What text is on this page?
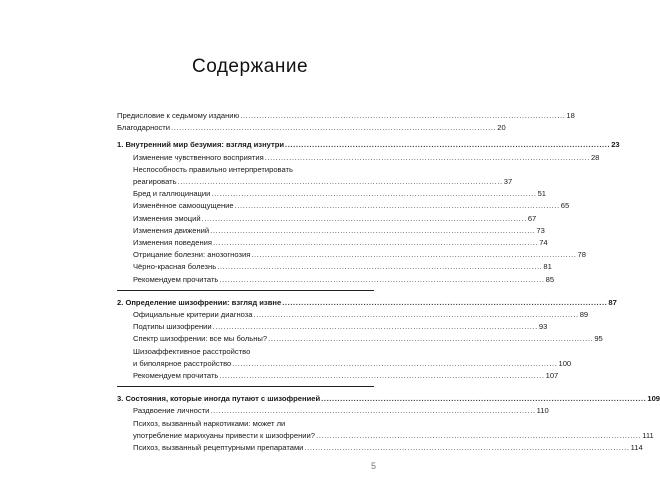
Содержание
Предисловие к седьмому изданию ........................................................................................................................ 18
Благодарности ........................................................................................................................ 20
1. Внутренний мир безумия: взгляд изнутри ........................................................................................................................ 23
Изменение чувственного восприятия ........................................................................................................................ 28
Неспособность правильно интерпретировать
реагировать ........................................................................................................................ 37
Бред и галлюцинации ........................................................................................................................ 51
Изменённое самоощущение ........................................................................................................................ 65
Изменения эмоций ........................................................................................................................ 67
Изменения движений ........................................................................................................................ 73
Изменения поведения ........................................................................................................................ 74
Отрицание болезни: анозогнозия ........................................................................................................................ 78
Чёрно-красная болезнь ........................................................................................................................ 81
Рекомендуем прочитать ........................................................................................................................ 85
2. Определение шизофрении: взгляд извне ........................................................................................................................ 87
Официальные критерии диагноза ........................................................................................................................ 89
Подтипы шизофрении ........................................................................................................................ 93
Спектр шизофрении: все мы больны? ........................................................................................................................ 95
Шизоаффективное расстройство
и биполярное расстройство ........................................................................................................................ 100
Рекомендуем прочитать ........................................................................................................................ 107
3. Состояния, которые иногда путают с шизофренией ........................................................................................................................ 109
Раздвоение личности ........................................................................................................................ 110
Психоз, вызванный наркотиками: может ли
употребление марихуаны привести к шизофрении? ........................................................................................................................ 111
Психоз, вызванный рецептурными препаратами ........................................................................................................................ 114
5
